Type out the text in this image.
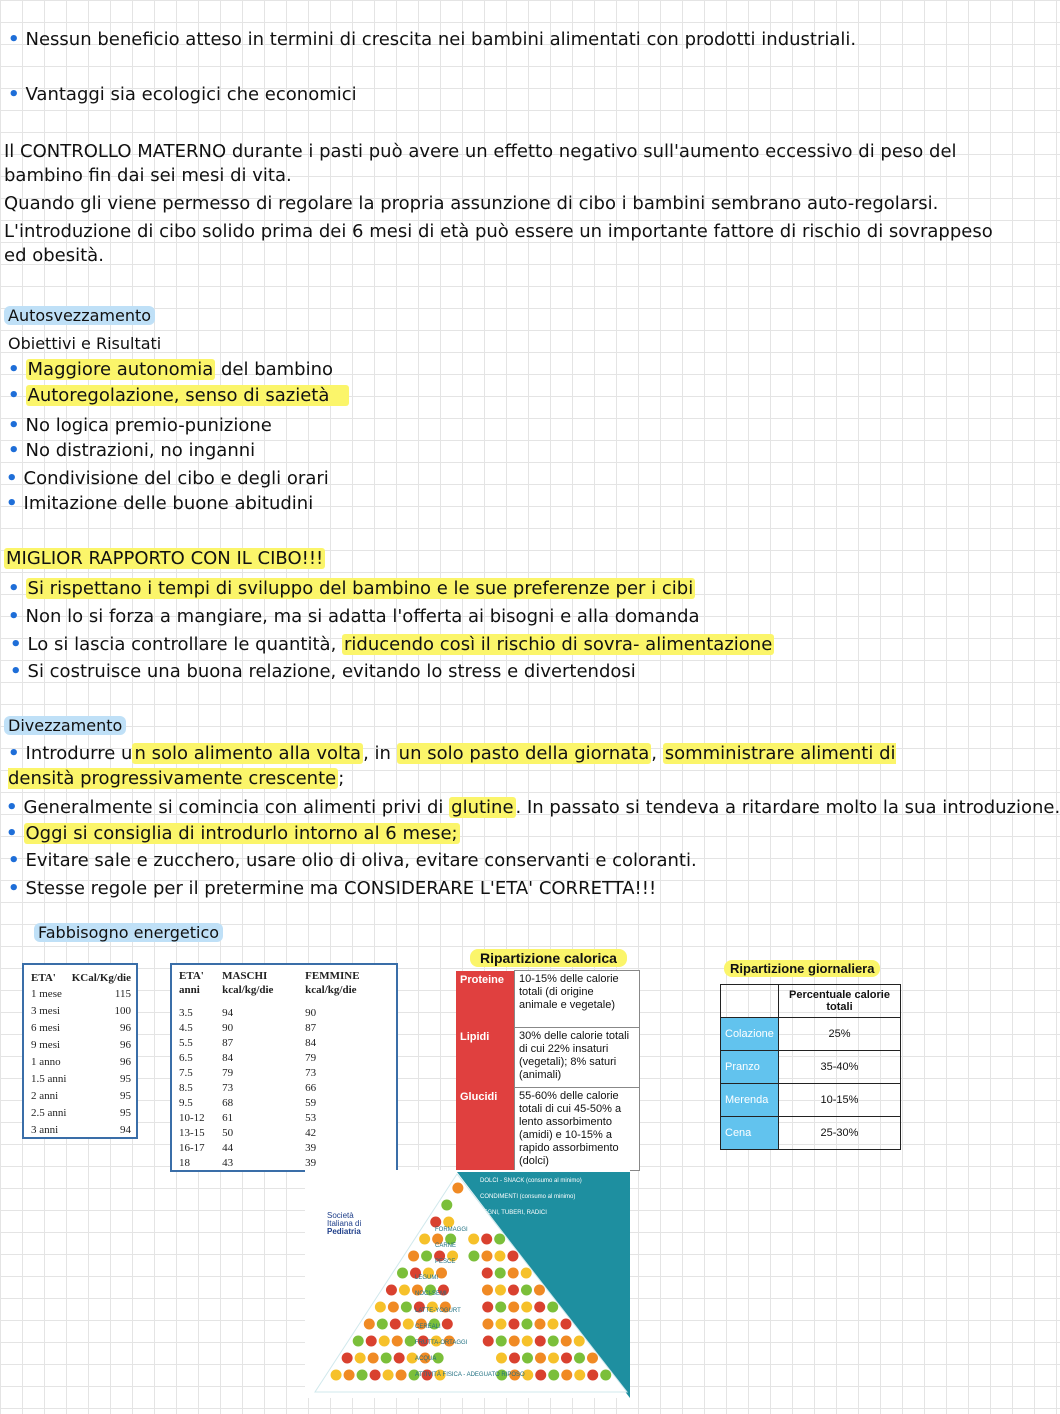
• Nessun beneficio atteso in termini di crescita nei bambini alimentati con prodotti industriali.
• Vantaggi sia ecologici che economici
Il CONTROLLO MATERNO durante i pasti può avere un effetto negativo sull'aumento eccessivo di peso del bambino fin dai sei mesi di vita.
Quando gli viene permesso di regolare la propria assunzione di cibo i bambini sembrano auto-regolarsi.
L'introduzione di cibo solido prima dei 6 mesi di età può essere un importante fattore di rischio di sovrappeso ed obesità.
Autosvezzamento
Obiettivi e Risultati
• Maggiore autonomia del bambino
• Autoregolazione, senso di sazietà
• No logica premio-punizione
• No distrazioni, no inganni
• Condivisione del cibo e degli orari
• Imitazione delle buone abitudini
MIGLIOR RAPPORTO CON IL CIBO!!!
• Si rispettano i tempi di sviluppo del bambino e le sue preferenze per i cibi
• Non lo si forza a mangiare, ma si adatta l'offerta ai bisogni e alla domanda
• Lo si lascia controllare le quantità, riducendo così il rischio di sovra- alimentazione
• Si costruisce una buona relazione, evitando lo stress e divertendosi
Divezzamento
• Introdurre u n solo alimento alla volta , in un solo pasto della giornata , somministrare alimenti di densità progressivamente crescente ;
• Generalmente si comincia con alimenti privi di glutine . In passato si tendeva a ritardare molto la sua introduzione.
• Oggi si consiglia di introdurlo intorno al 6 mese;
• Evitare sale e zucchero, usare olio di oliva, evitare conservanti e coloranti.
• Stesse regole per il pretermine ma CONSIDERARE L'ETA' CORRETTA!!!
Fabbisogno energetico
ETA'	KCal/Kg/die
1 mese	115
3 mesi	100
6 mesi	96
9 mesi	96
1 anno	96
1.5 anni	95
2 anni	95
2.5 anni	95
3 anni	94
ETA'	MASCHI	FEMMINE
anni	kcal/kg/die	kcal/kg/die

3.5	94	90
4.5	90	87
5.5	87	84
6.5	84	79
7.5	79	73
8.5	73	66
9.5	68	59
10-12	61	53
13-15	50	42
16-17	44	39
18	43	39
Ripartizione calorica
Proteine	10-15% delle calorie totali (di origine animale e vegetale)
Lipidi	30% delle calorie totali di cui 22% insaturi (vegetali); 8% saturi (animali)
Glucidi	55-60% delle calorie totali di cui 45-50% a lento assorbimento (amidi) e 10-15% a rapido assorbimento (dolci)
Ripartizione giornaliera
	Percentuale calorie totali
Colazione	25%
Pranzo	35-40%
Merenda	10-15%
Cena	25-30%
Società
Italiana di
Pediatria
DOLCI - SNACK (consumo al minimo)
CONDIMENTI (consumo al minimo)
LEGNI, TUBERI, RADICI
FORMAGGI
CARNE
PESCE
LEGUMI
NOCI-SEMI
LATTE-YOGURT
CEREALI
FRUTTA-ORTAGGI
ACQUA
ATTIVITÀ FISICA - ADEGUATO RIPOSO
